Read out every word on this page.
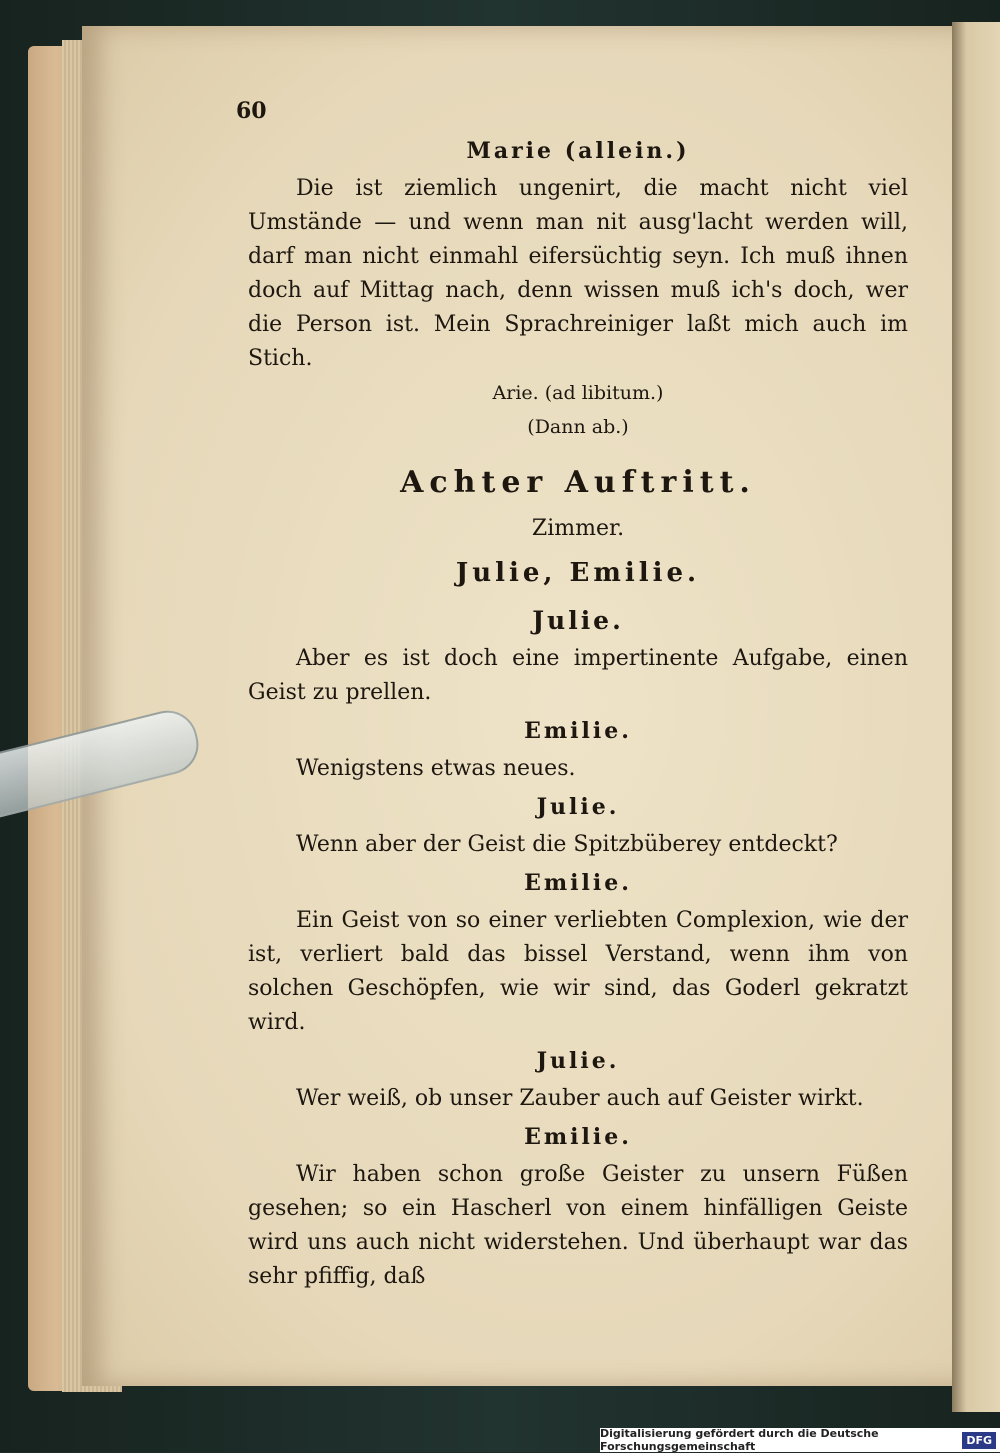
60
Marie (allein.)

Die ist ziemlich ungenirt, die macht nicht viel Umstände — und wenn man nit ausg'lacht werden will, darf man nicht einmahl eifersüchtig seyn. Ich muß ihnen doch auf Mittag nach, denn wissen muß ich's doch, wer die Person ist. Mein Sprachreiniger laßt mich auch im Stich.

Arie. (ad libitum.)
(Dann ab.)
Achter Auftritt.
Zimmer.
Julie, Emilie.
Julie.

Aber es ist doch eine impertinente Aufgabe, einen Geist zu prellen.

Emilie.

Wenigstens etwas neues.

Julie.

Wenn aber der Geist die Spitzbüberey entdeckt?

Emilie.

Ein Geist von so einer verliebten Complexion, wie der ist, verliert bald das bissel Verstand, wenn ihm von solchen Geschöpfen, wie wir sind, das Goderl gekratzt wird.

Julie.

Wer weiß, ob unser Zauber auch auf Geister wirkt.

Emilie.

Wir haben schon große Geister zu unsern Füßen gesehen; so ein Hascherl von einem hinfälligen Geiste wird uns auch nicht widerstehen. Und überhaupt war das sehr pfiffig, daß

Digitalisierung gefördert durch die Deutsche Forschungsgemeinschaft	DFG
